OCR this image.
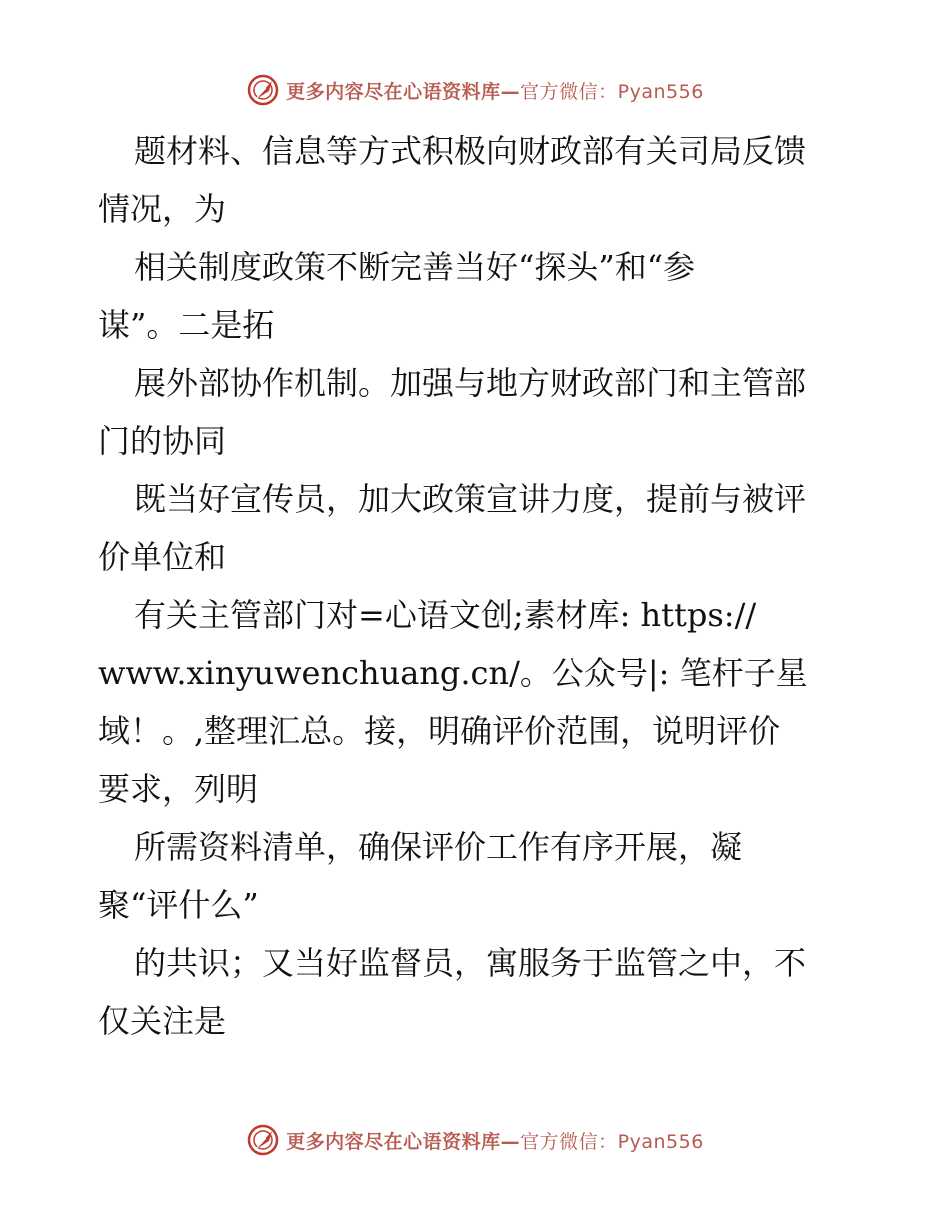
更多内容尽在心语资料库—官方微信：Pyan556
题材料、信息等方式积极向财政部有关司局反馈
情况，为
相关制度政策不断完善当好“探头”和“参
谋”。二是拓
展外部协作机制。加强与地方财政部门和主管部
门的协同
既当好宣传员，加大政策宣讲力度，提前与被评
价单位和
有关主管部门对=心语文创;素材库: https://
www.xinyuwenchuang.cn/。公众号|: 笔杆子星
域！。,整理汇总。接，明确评价范围，说明评价
要求，列明
所需资料清单，确保评价工作有序开展，凝
聚“评什么”
的共识；又当好监督员，寓服务于监管之中，不
仅关注是
更多内容尽在心语资料库—官方微信：Pyan556
